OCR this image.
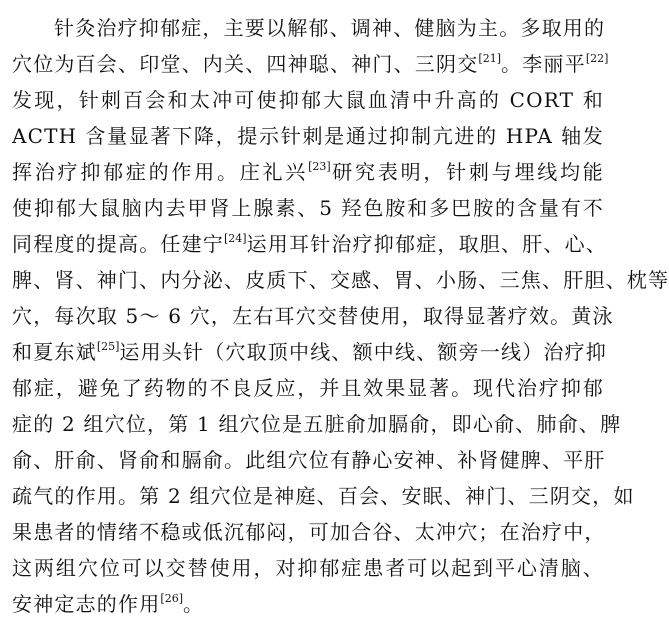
针灸治疗抑郁症，主要以解郁、调神、健脑为主。多取用的
穴位为百会、印堂、内关、四神聪、神门、三阴交[21]。李丽平[22]
发现，针刺百会和太冲可使抑郁大鼠血清中升高的 CORT 和
ACTH 含量显著下降，提示针刺是通过抑制亢进的 HPA 轴发
挥治疗抑郁症的作用。庄礼兴[23]研究表明，针刺与埋线均能
使抑郁大鼠脑内去甲肾上腺素、5 羟色胺和多巴胺的含量有不
同程度的提高。任建宁[24]运用耳针治疗抑郁症，取胆、肝、心、
脾、肾、神门、内分泌、皮质下、交感、胃、小肠、三焦、肝胆、枕等
穴，每次取 5～ 6 穴，左右耳穴交替使用，取得显著疗效。黄泳
和夏东斌[25]运用头针（穴取顶中线、额中线、额旁一线）治疗抑
郁症，避免了药物的不良反应，并且效果显著。现代治疗抑郁
症的 2 组穴位，第 1 组穴位是五脏俞加膈俞，即心俞、肺俞、脾
俞、肝俞、肾俞和膈俞。此组穴位有静心安神、补肾健脾、平肝
疏气的作用。第 2 组穴位是神庭、百会、安眠、神门、三阴交，如
果患者的情绪不稳或低沉郁闷，可加合谷、太冲穴；在治疗中，
这两组穴位可以交替使用，对抑郁症患者可以起到平心清脑、
安神定志的作用[26]。
